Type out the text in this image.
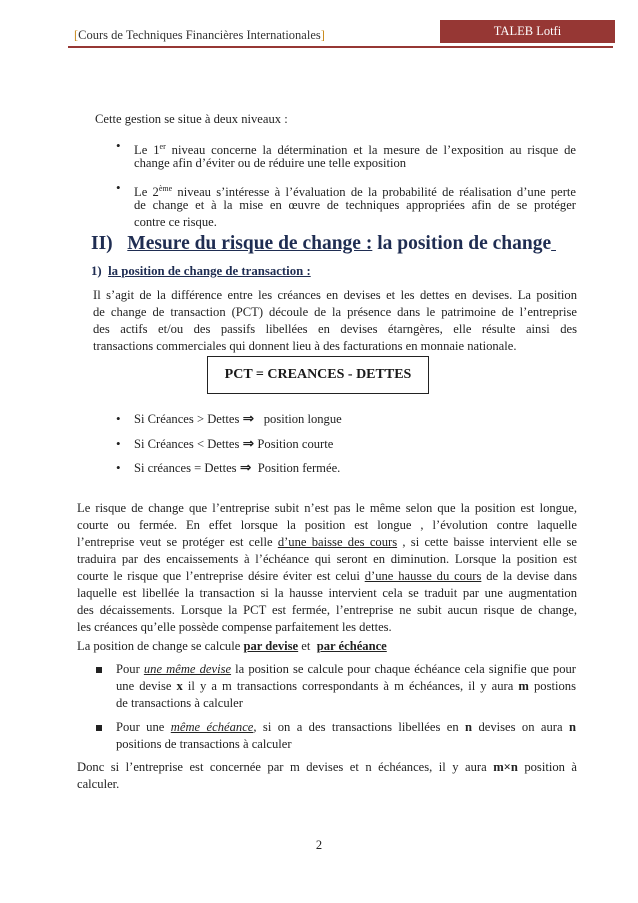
[Cours de Techniques Financières Internationales]	TALEB Lotfi
Cette gestion se situe à deux niveaux :
• Le 1er niveau concerne la détermination et la mesure de l’exposition au risque de
change afin d’éviter ou de réduire une telle exposition
• Le 2ème niveau s’intéresse à l’évaluation de la probabilité de réalisation d’une perte
de change et à la mise en œuvre de techniques appropriées afin de se protéger
contre ce risque.
II) Mesure du risque de change : la position de change
1) la position de change de transaction :
Il s’agit de la différence entre les créances en devises et les dettes en devises. La position
de change de transaction (PCT) découle de la présence dans le patrimoine de l’entreprise
des actifs et/ou des passifs libellées en devises étarngères, elle résulte ainsi des
transactions commerciales qui donnent lieu à des facturations en monnaie nationale.
PCT = CREANCES - DETTES
• Si Créances > Dettes ⇒ position longue
• Si Créances < Dettes ⇒ Position courte
• Si créances = Dettes ⇒ Position fermée.
Le risque de change que l’entreprise subit n’est pas le même selon que la position est longue,
courte ou fermée. En effet lorsque la position est longue , l’évolution contre laquelle
l’entreprise veut se protéger est celle d’une baisse des cours , si cette baisse intervient elle se
traduira par des encaissements à l’échéance qui seront en diminution. Lorsque la position est
courte le risque que l’entreprise désire éviter est celui d’une hausse du cours de la devise dans
laquelle est libellée la transaction si la hausse intervient cela se traduit par une augmentation
des décaissements. Lorsque la PCT est fermée, l’entreprise ne subit aucun risque de change,
les créances qu’elle possède compense parfaitement les dettes.
La position de change se calcule par devise et  par échéance
Pour une même devise la position se calcule pour chaque échéance cela signifie que pour
une devise x il y a m transactions correspondants à m échéances, il y aura m postions
de transactions à calculer
Pour une même échéance, si on a des transactions libellées en n devises on aura n
positions de transactions à calculer
Donc si l’entreprise est concernée par m devises et n échéances, il y aura m×n position à
calculer.
2
